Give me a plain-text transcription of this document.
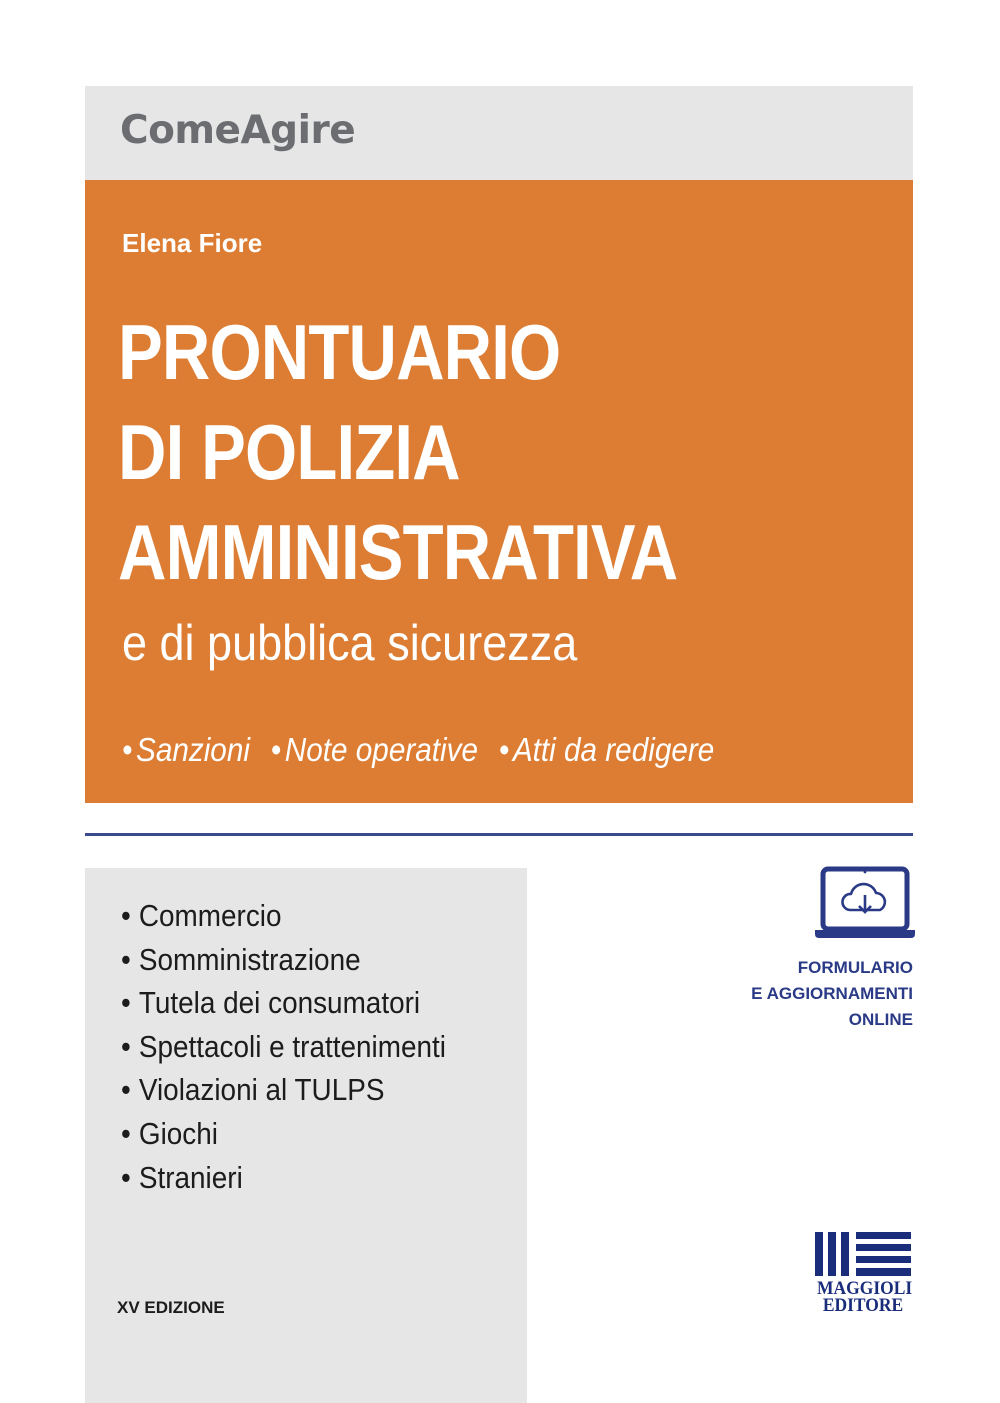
ComeAgire
Elena Fiore
PRONTUARIO
DI POLIZIA
AMMINISTRATIVA
e di pubblica sicurezza
• Sanzioni • Note operative • Atti da redigere
• Commercio
• Somministrazione
• Tutela dei consumatori
• Spettacoli e trattenimenti
• Violazioni al TULPS
• Giochi
• Stranieri
XV EDIZIONE
FORMULARIO
E AGGIORNAMENTI
ONLINE
MAGGIOLI
EDITORE
